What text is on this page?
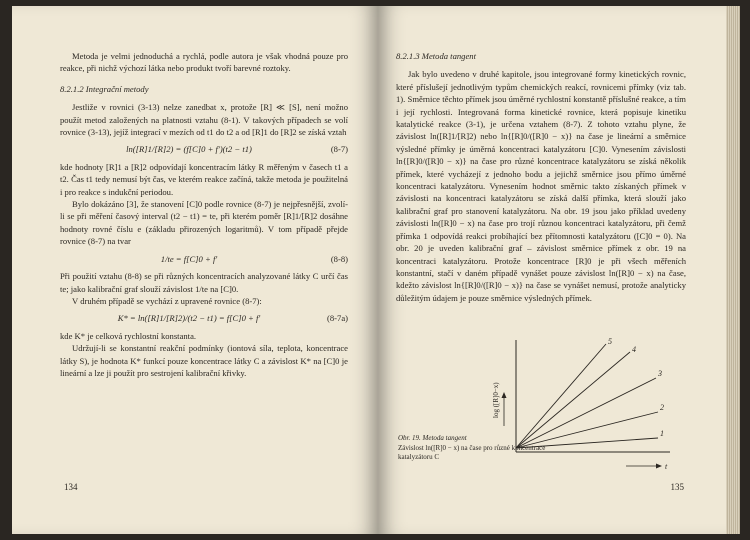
Metoda je velmi jednoduchá a rychlá, podle autora je však vhodná pouze pro reakce, při nichž výchozí látka nebo produkt tvoří barevné roztoky.

8.2.1.2 Integrační metody

Jestliže v rovnici (3-13) nelze zanedbat x, protože [R] ≪ [S], není možno použít metod založených na platnosti vztahu (8-1). V takových případech se volí rovnice (3-13), jejíž integrací v mezích od t1 do t2 a od [R]1 do [R]2 se získá vztah

ln([R]1/[R]2) = (f[C]0 + f′)(t2 − t1)	(8-7)

kde hodnoty [R]1 a [R]2 odpovídají koncentracím látky R měřeným v časech t1 a t2. Čas t1 tedy nemusí být čas, ve kterém reakce začíná, takže metoda je použitelná i pro reakce s indukční periodou.

Bylo dokázáno [3], že stanovení [C]0 podle rovnice (8-7) je nejpřesnější, zvolí-li se při měření časový interval (t2 − t1) = te, při kterém poměr [R]1/[R]2 dosáhne hodnoty rovné číslu e (základu přirozených logaritmů). V tom případě přejde rovnice (8-7) na tvar

1/te = f[C]0 + f′	(8-8)

Při použití vztahu (8-8) se při různých koncentracích analyzované látky C určí čas te; jako kalibrační graf slouží závislost 1/te na [C]0.

V druhém případě se vychází z upravené rovnice (8-7):

K* = ln([R]1/[R]2)/(t2 − t1) = f[C]0 + f′	(8-7a)

kde K* je celková rychlostní konstanta.

Udržují-li se konstantní reakční podmínky (iontová síla, teplota, koncentrace látky S), je hodnota K* funkcí pouze koncentrace látky C a závislost K* na [C]0 je lineární a lze ji použít pro sestrojení kalibrační křivky.

134

8.2.1.3 Metoda tangent

Jak bylo uvedeno v druhé kapitole, jsou integrované formy kinetických rovnic, které příslušejí jednotlivým typům chemických reakcí, rovnicemi přímky (viz tab. 1). Směrnice těchto přímek jsou úměrné rychlostní konstantě příslušné reakce, a tím i její rychlosti. Integrovaná forma kinetické rovnice, která popisuje kinetiku katalytické reakce (3-1), je určena vztahem (8-7). Z tohoto vztahu plyne, že závislost ln([R]1/[R]2) nebo ln{[R]0/([R]0 − x)} na čase je lineární a směrnice výsledné přímky je úměrná koncentraci katalyzátoru [C]0. Vynesením závislosti ln{[R]0/([R]0 − x)} na čase pro různé koncentrace katalyzátoru se získá několik přímek, které vycházejí z jednoho bodu a jejichž směrnice jsou přímo úměrné koncentraci katalyzátoru. Vynesením hodnot směrnic takto získaných přímek v závislosti na koncentraci katalyzátoru se získá další přímka, která slouží jako kalibrační graf pro stanovení katalyzátoru. Na obr. 19 jsou jako příklad uvedeny závislosti ln([R]0 − x) na čase pro trojí různou koncentraci katalyzátoru, při čemž přímka 1 odpovídá reakci probíhající bez přítomnosti katalyzátoru ([C]0 = 0). Na obr. 20 je uveden kalibrační graf – závislost směrnice přímek z obr. 19 na koncentraci katalyzátoru. Protože koncentrace [R]0 je při všech měřeních konstantní, stačí v daném případě vynášet pouze závislost ln([R]0 − x) na čase, kdežto závislost ln{[R]0/([R]0 − x)} na čase se vynášet nemusí, protože analyticky důležitým údajem je pouze směrnice výsledných přímek.

1
2
3
4
5
t
log ([R]0−x)
Obr. 19. Metoda tangent
Závislost ln([R]0 − x) na čase pro různé koncentrace katalyzátoru C
135
